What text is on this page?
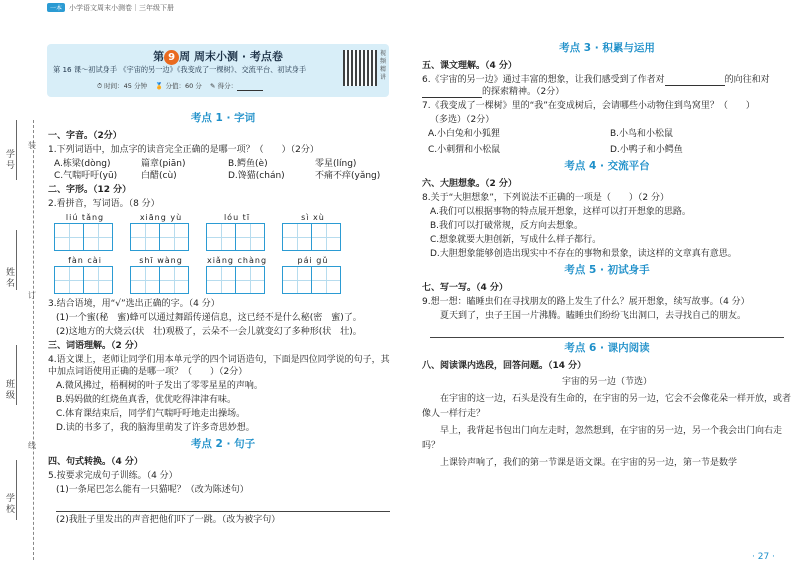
学号
姓名
班级
学校
装
订
线
一本 小学语文周末小测卷｜三年级下册
第 9 周 周末小测 · 考点卷
第 16 课～初试身手 《宇宙的另一边》《我变成了一棵树》、交流平台、初试身手
⏱ 时间：45 分钟 🏅 分值：60 分 ✎ 得分：
视频精讲
考点 1 · 字词
一、字音。（2分）
1.下列词语中，加点字的读音完全正确的是哪一项？（　　）（2分）
A.栋梁(dòng)	篇章(piān)	B.鳄鱼(è)	零星(líng)
C.气喘吁吁(yū)	白醋(cù)	D.馋猫(chán)	不痛不痒(yǎng)
二、字形。（12 分）
2.看拼音，写词语。（8 分）
liú tǎng	xiāng yù	lóu tī	sì xù
fàn cài	shī wàng	xiǎng chàng	pái gǔ
3.结合语境，用“√”选出正确的字。（4 分）
(1)一个蜜(秘　蜜)蜂可以通过舞蹈传递信息，这已经不是什么秘(密　蜜)了。
(2)这地方的大烧云(状　壮)观极了，云朵不一会儿就变幻了多种形(状　壮)。
三、词语理解。（2 分）
4.语文课上，老师让同学们用本单元学的四个词语造句，下面是四位同学说的句子，其中加点词语使用正确的是哪一项？（　　）（2分）
A.微风拂过，梧桐树的叶子发出了零零星星的声响。
B.妈妈做的红烧鱼真香，优优吃得津津有味。
C.体育课结束后，同学们气喘吁吁地走出操场。
D.读的书多了，我的脑海里萌发了许多奇思妙想。
考点 2 · 句子
四、句式转换。（4 分）
5.按要求完成句子训练。（4 分）
(1)一条尾巴怎么能有一只猫呢？（改为陈述句）
(2)我肚子里发出的声音把他们吓了一跳。（改为被字句）
考点 3 · 积累与运用
五、课文理解。（4 分）
6.《宇宙的另一边》通过丰富的想象，让我们感受到了作者对	的向往和对
的探索精神。（2分）
7.《我变成了一棵树》里的“我”在变成树后，会请哪些小动物住到鸟窝里？（　　）
（多选）（2分）
A.小白兔和小狐狸	B.小鸟和小松鼠
C.小刺猬和小松鼠	D.小鸭子和小鳄鱼
考点 4 · 交流平台
六、大胆想象。（2 分）
8.关于“大胆想象”，下列说法不正确的一项是（　　）（2 分）
A.我们可以根据事物的特点展开想象，这样可以打开想象的思路。
B.我们可以打破常规，反方向去想象。
C.想象就要大胆创新，写成什么样子都行。
D.大胆想象能够创造出现实中不存在的事物和景象，读这样的文章真有意思。
考点 5 · 初试身手
七、写一写。（4 分）
9.想一想：瞌睡虫们在寻找朋友的路上发生了什么？展开想象，续写故事。（4 分）
夏天到了，虫子王国一片沸腾。瞌睡虫们纷纷飞出洞口，去寻找自己的朋友。
考点 6 · 课内阅读
八、阅读课内选段，回答问题。（14 分）
宇宙的另一边（节选）
在宇宙的这一边，石头是没有生命的，在宇宙的另一边，它会不会像花朵一样开放，或者像人一样行走？
早上，我背起书包出门向左走时，忽然想到，在宇宙的另一边，另一个我会出门向右走吗？
上课铃声响了，我们的第一节课是语文课。在宇宙的另一边，第一节是数学
· 27 ·
